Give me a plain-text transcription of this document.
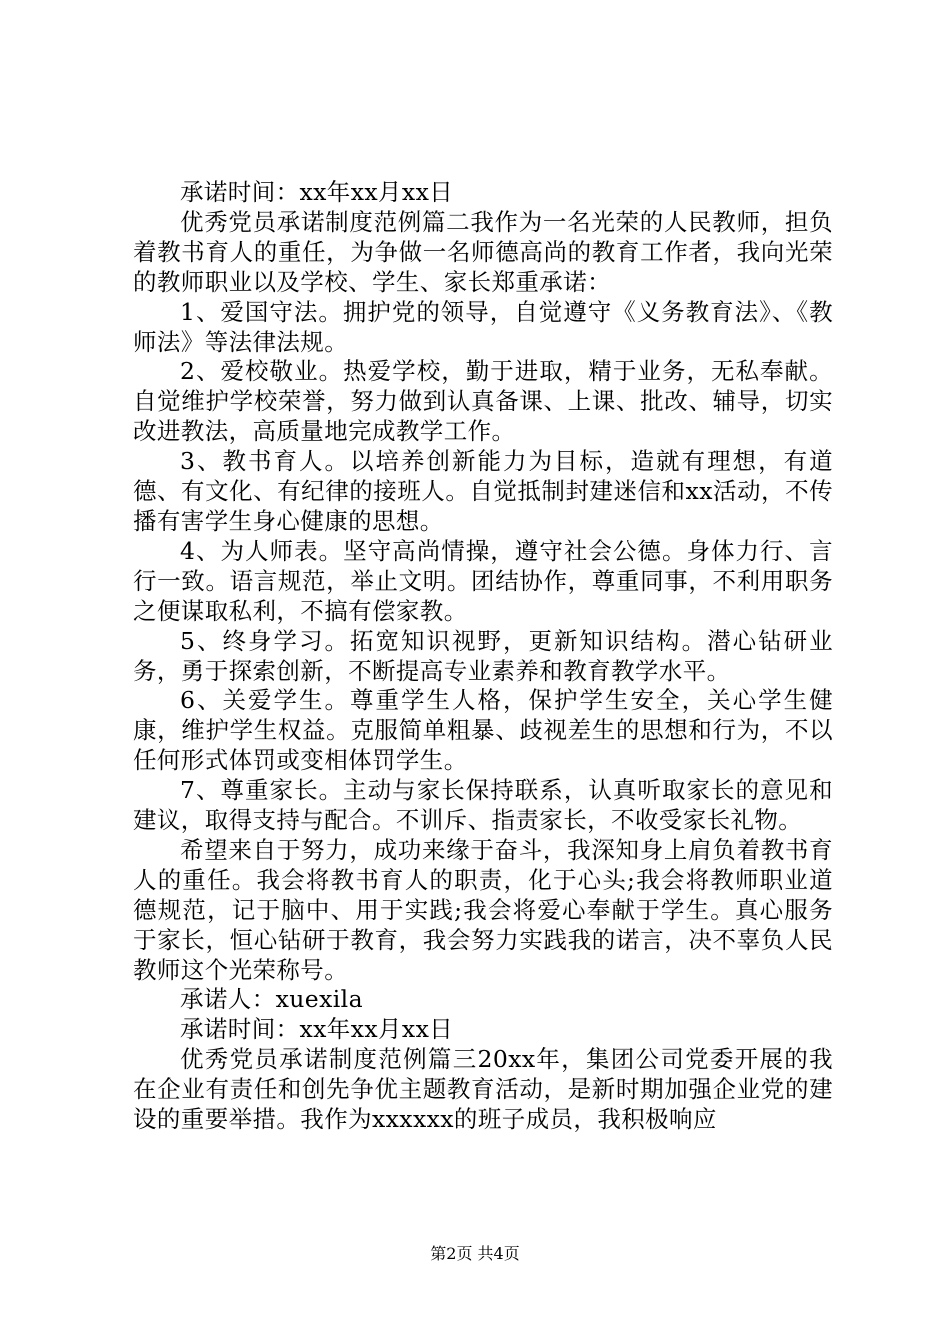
承诺时间：xx年xx月xx日

优秀党员承诺制度范例篇二我作为一名光荣的人民教师，担负着教书育人的重任，为争做一名师德高尚的教育工作者，我向光荣的教师职业以及学校、学生、家长郑重承诺：

1、爱国守法。拥护党的领导，自觉遵守《义务教育法》、《教师法》等法律法规。

2、爱校敬业。热爱学校，勤于进取，精于业务，无私奉献。自觉维护学校荣誉，努力做到认真备课、上课、批改、辅导，切实改进教法，高质量地完成教学工作。

3、教书育人。以培养创新能力为目标，造就有理想，有道德、有文化、有纪律的接班人。自觉抵制封建迷信和xx活动，不传播有害学生身心健康的思想。

4、为人师表。坚守高尚情操，遵守社会公德。身体力行、言行一致。语言规范，举止文明。团结协作，尊重同事，不利用职务之便谋取私利，不搞有偿家教。

5、终身学习。拓宽知识视野，更新知识结构。潜心钻研业务，勇于探索创新，不断提高专业素养和教育教学水平。

6、关爱学生。尊重学生人格，保护学生安全，关心学生健康，维护学生权益。克服简单粗暴、歧视差生的思想和行为，不以任何形式体罚或变相体罚学生。

7、尊重家长。主动与家长保持联系，认真听取家长的意见和建议，取得支持与配合。不训斥、指责家长，不收受家长礼物。

希望来自于努力，成功来缘于奋斗，我深知身上肩负着教书育人的重任。我会将教书育人的职责，化于心头;我会将教师职业道德规范，记于脑中、用于实践;我会将爱心奉献于学生。真心服务于家长，恒心钻研于教育，我会努力实践我的诺言，决不辜负人民教师这个光荣称号。

承诺人：xuexila

承诺时间：xx年xx月xx日

优秀党员承诺制度范例篇三20xx年，集团公司党委开展的我在企业有责任和创先争优主题教育活动，是新时期加强企业党的建设的重要举措。我作为xxxxxx的班子成员，我积极响应

第2页 共4页
